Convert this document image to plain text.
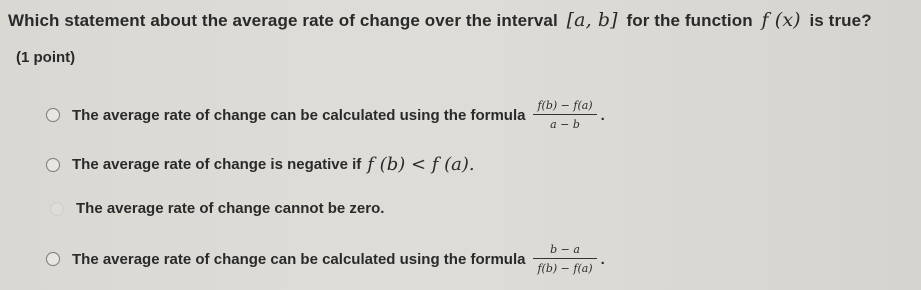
Which statement about the average rate of change over the interval [a, b] for the function f (x) is true?
(1 point)
The average rate of change can be calculated using the formula $\frac{f(b) - f(a)}{a - b}$ .
The average rate of change is negative if f (b) < f (a).
The average rate of change cannot be zero.
The average rate of change can be calculated using the formula $\frac{b - a}{f(b) - f(a)}$ .
